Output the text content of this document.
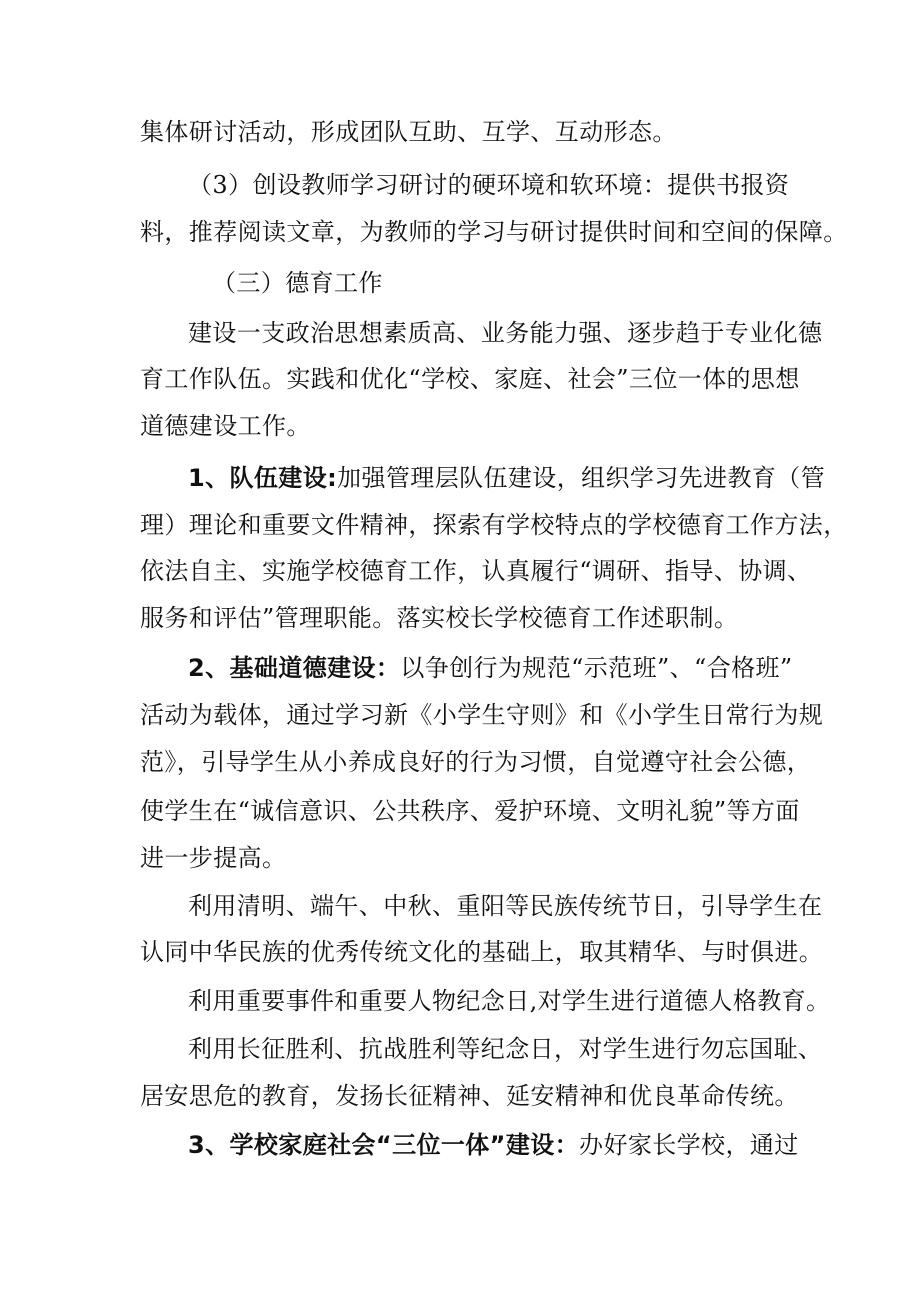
集体研讨活动，形成团队互助、互学、互动形态。
（3）创设教师学习研讨的硬环境和软环境：提供书报资
料，推荐阅读文章，为教师的学习与研讨提供时间和空间的保障。
（三）德育工作
建设一支政治思想素质高、业务能力强、逐步趋于专业化德
育工作队伍。实践和优化“学校、家庭、社会”三位一体的思想
道德建设工作。
1、队伍建设:加强管理层队伍建设，组织学习先进教育（管
理）理论和重要文件精神，探索有学校特点的学校德育工作方法，
依法自主、实施学校德育工作，认真履行“调研、指导、协调、
服务和评估”管理职能。落实校长学校德育工作述职制。
2、基础道德建设：以争创行为规范“示范班”、“合格班”
活动为载体，通过学习新《小学生守则》和《小学生日常行为规
范》，引导学生从小养成良好的行为习惯，自觉遵守社会公德，
使学生在“诚信意识、公共秩序、爱护环境、文明礼貌”等方面
进一步提高。
利用清明、端午、中秋、重阳等民族传统节日，引导学生在
认同中华民族的优秀传统文化的基础上，取其精华、与时俱进。
利用重要事件和重要人物纪念日,对学生进行道德人格教育。
利用长征胜利、抗战胜利等纪念日，对学生进行勿忘国耻、
居安思危的教育，发扬长征精神、延安精神和优良革命传统。
3、学校家庭社会“三位一体”建设：办好家长学校，通过
